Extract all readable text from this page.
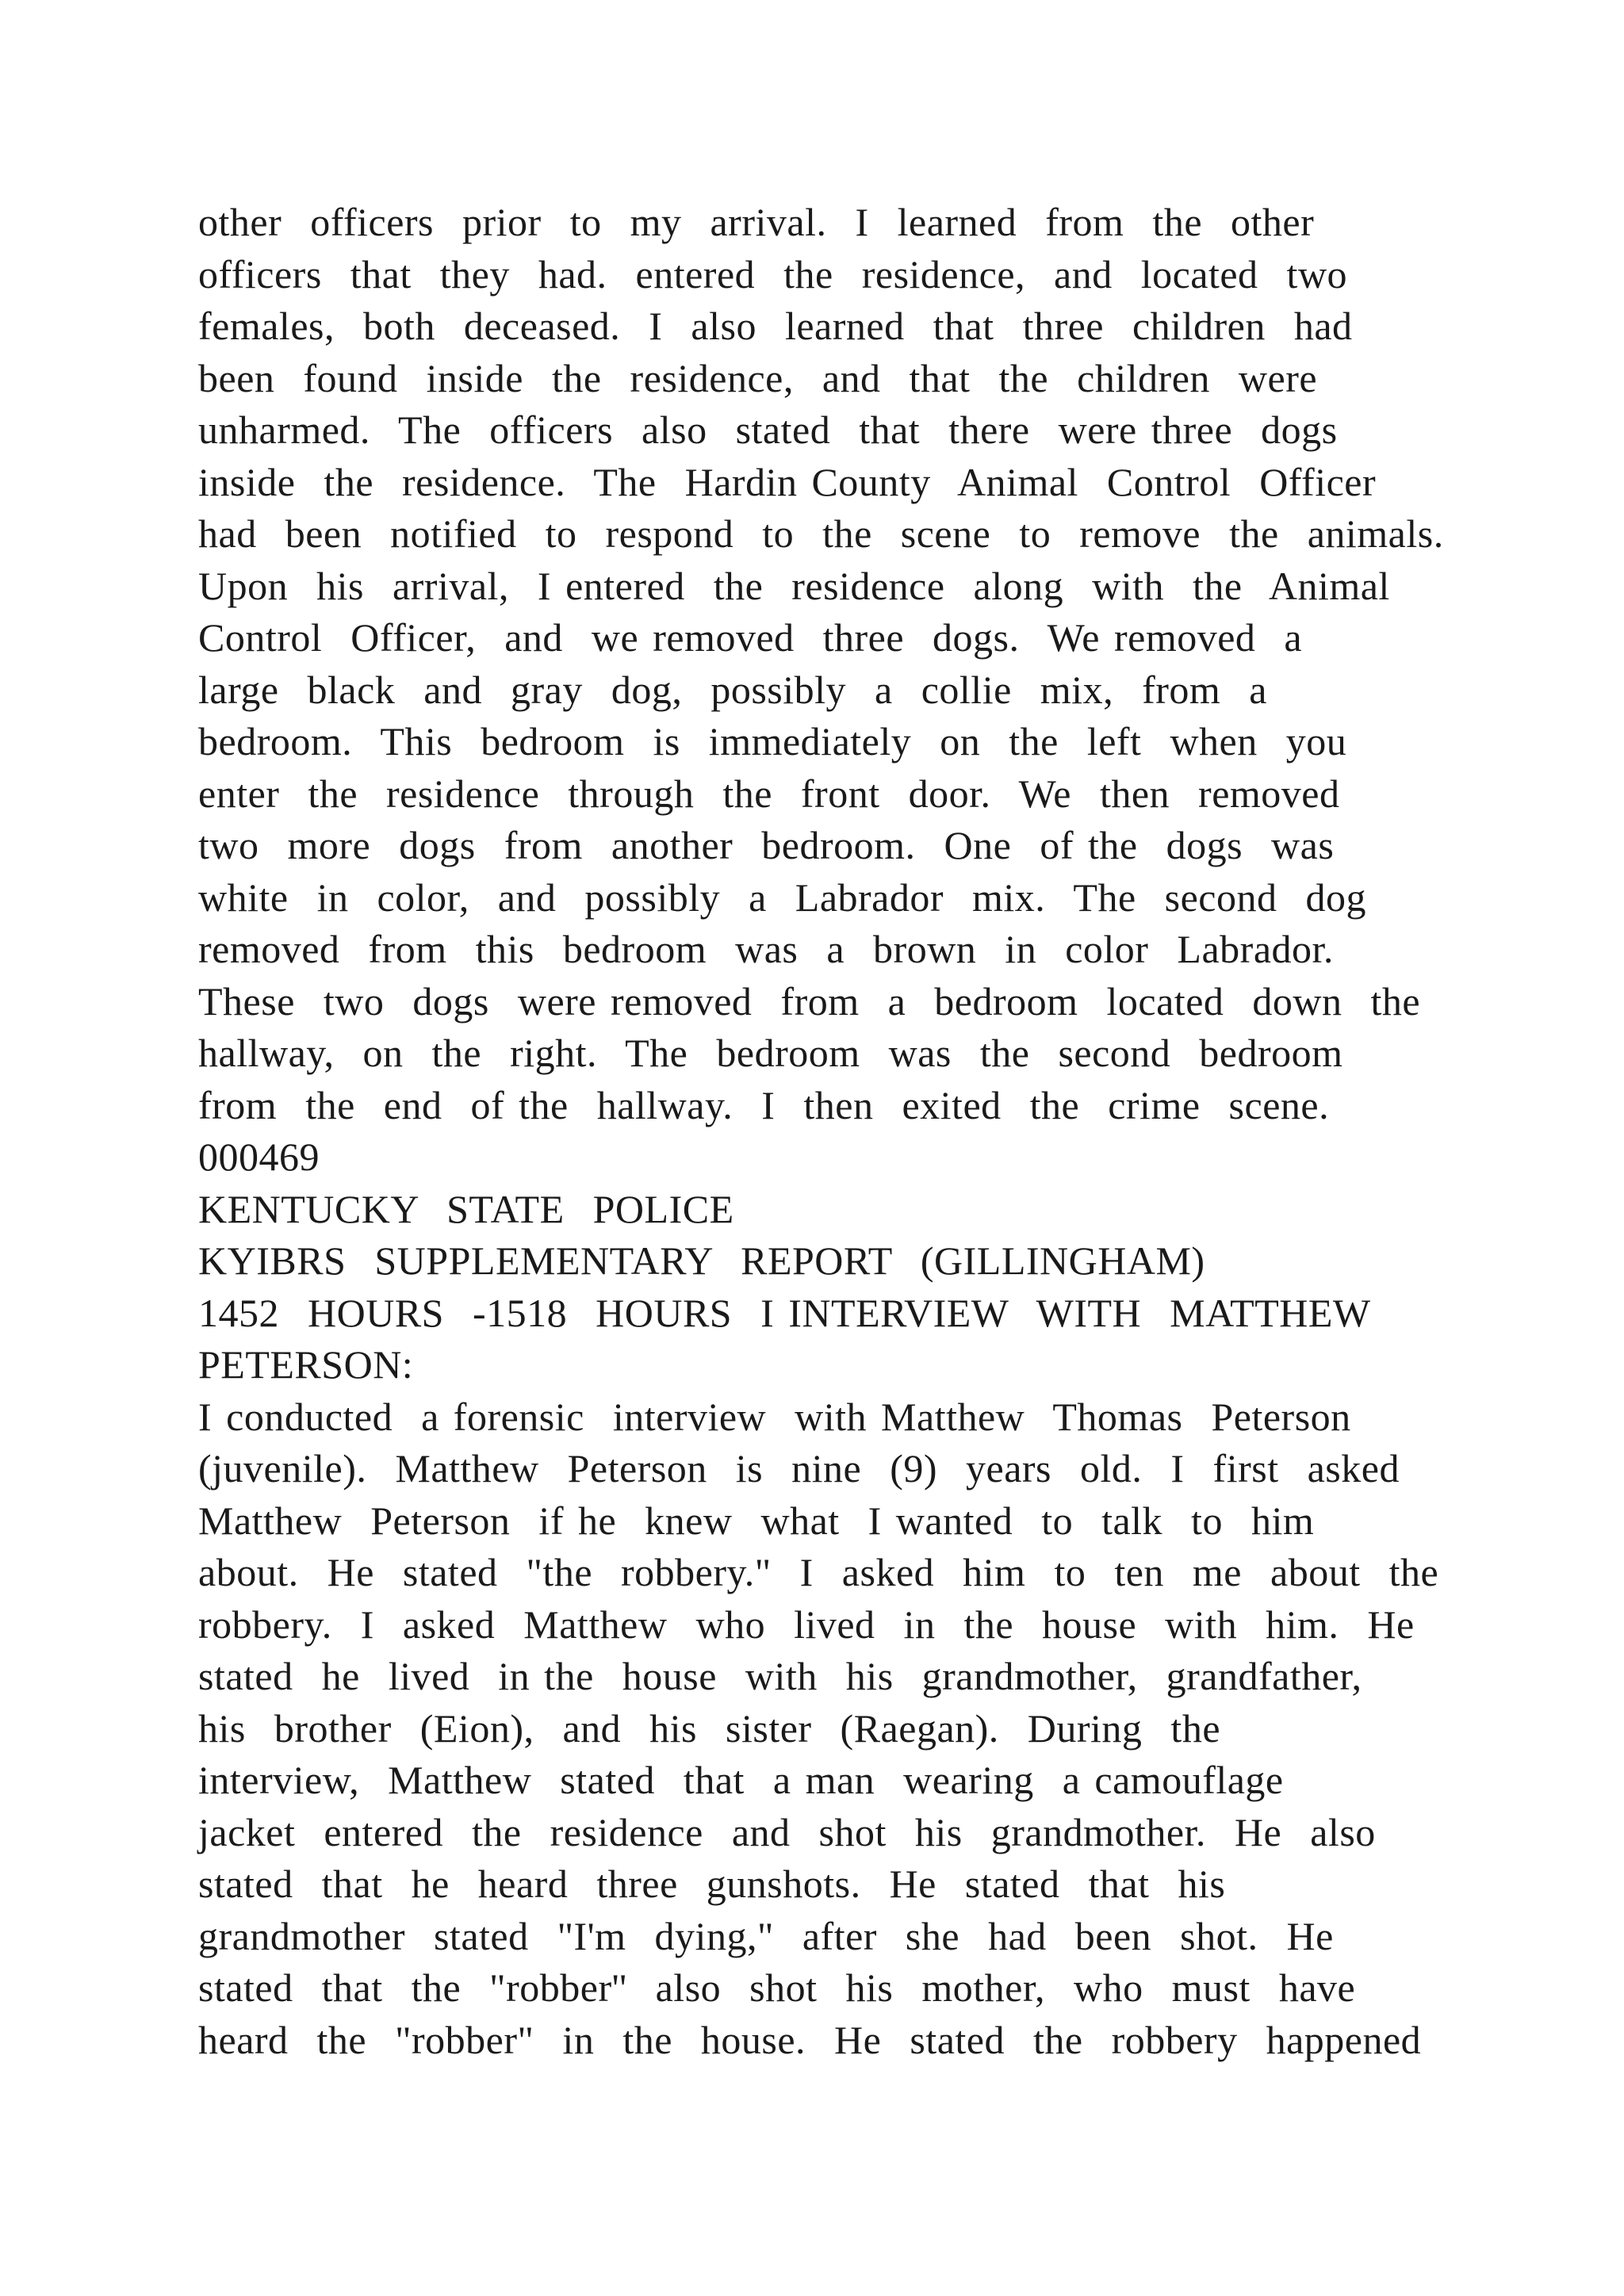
other  officers  prior  to  my  arrival.  I  learned  from  the  other
officers  that  they  had.  entered  the  residence,  and  located  two
females,  both  deceased.  I  also  learned  that  three  children  had
been  found  inside  the  residence,  and  that  the  children  were
unharmed.  The  officers  also  stated  that  there  were three  dogs
inside  the  residence.  The  Hardin County  Animal  Control  Officer
had  been  notified  to  respond  to  the  scene  to  remove  the  animals.
Upon  his  arrival,  I entered  the  residence  along  with  the  Animal
Control  Officer,  and  we removed  three  dogs.  We removed  a
large  black  and  gray  dog,  possibly  a  collie  mix,  from  a
bedroom.  This  bedroom  is  immediately  on  the  left  when  you
enter  the  residence  through  the  front  door.  We  then  removed
two  more  dogs  from  another  bedroom.  One  of the  dogs  was
white  in  color,  and  possibly  a  Labrador  mix.  The  second  dog
removed  from  this  bedroom  was  a  brown  in  color  Labrador.
These  two  dogs  were removed  from  a  bedroom  located  down  the
hallway,  on  the  right.  The  bedroom  was  the  second  bedroom
from  the  end  of the  hallway.  I  then  exited  the  crime  scene.
000469
KENTUCKY  STATE  POLICE
KYIBRS  SUPPLEMENTARY  REPORT  (GILLINGHAM)
1452  HOURS  -1518  HOURS  I INTERVIEW  WITH  MATTHEW
PETERSON:
I conducted  a forensic  interview  with Matthew  Thomas  Peterson
(juvenile).  Matthew  Peterson  is  nine  (9)  years  old.  I  first  asked
Matthew  Peterson  if he  knew  what  I wanted  to  talk  to  him
about.  He  stated  "the  robbery."  I  asked  him  to  ten  me  about  the
robbery.  I  asked  Matthew  who  lived  in  the  house  with  him.  He
stated  he  lived  in the  house  with  his  grandmother,  grandfather,
his  brother  (Eion),  and  his  sister  (Raegan).  During  the
interview,  Matthew  stated  that  a man  wearing  a camouflage
jacket  entered  the  residence  and  shot  his  grandmother.  He  also
stated  that  he  heard  three  gunshots.  He  stated  that  his
grandmother  stated  "I'm  dying,"  after  she  had  been  shot.  He
stated  that  the  "robber''  also  shot  his  mother,  who  must  have
heard  the  "robber"  in  the  house.  He  stated  the  robbery  happened
